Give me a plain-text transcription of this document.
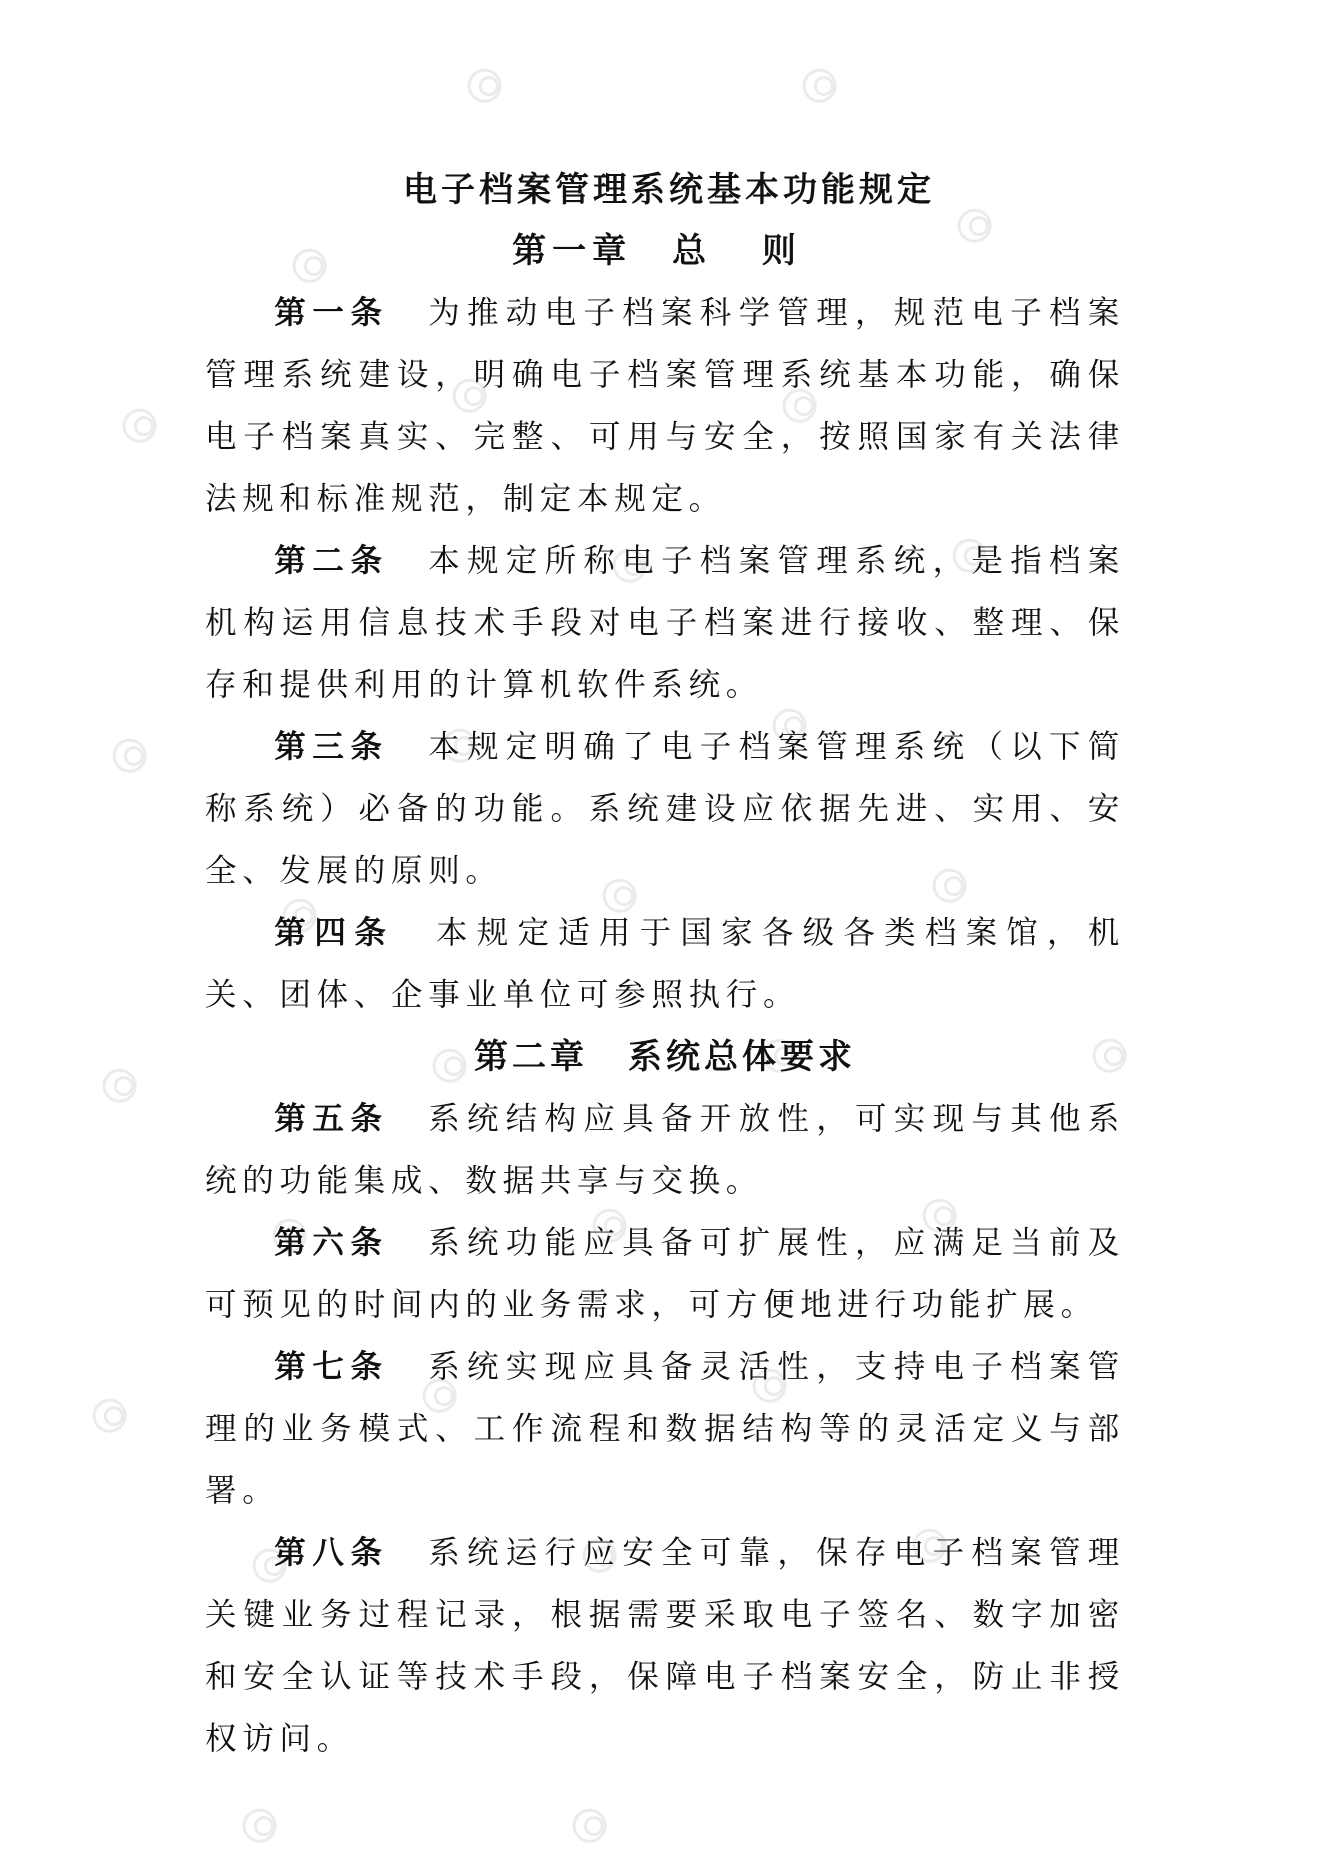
电子档案管理系统基本功能规定
第一章 总 则

第一条 为推动电子档案科学管理，规范电子档案管理系统建设，明确电子档案管理系统基本功能，确保电子档案真实、完整、可用与安全，按照国家有关法律法规和标准规范，制定本规定。

第二条 本规定所称电子档案管理系统，是指档案机构运用信息技术手段对电子档案进行接收、整理、保存和提供利用的计算机软件系统。

第三条 本规定明确了电子档案管理系统（以下简称系统）必备的功能。系统建设应依据先进、实用、安全、发展的原则。

第四条 本规定适用于国家各级各类档案馆，机关、团体、企事业单位可参照执行。

第二章 系统总体要求

第五条 系统结构应具备开放性，可实现与其他系统的功能集成、数据共享与交换。

第六条 系统功能应具备可扩展性，应满足当前及可预见的时间内的业务需求，可方便地进行功能扩展。

第七条 系统实现应具备灵活性，支持电子档案管理的业务模式、工作流程和数据结构等的灵活定义与部署。

第八条 系统运行应安全可靠，保存电子档案管理关键业务过程记录，根据需要采取电子签名、数字加密和安全认证等技术手段，保障电子档案安全，防止非授权访问。
